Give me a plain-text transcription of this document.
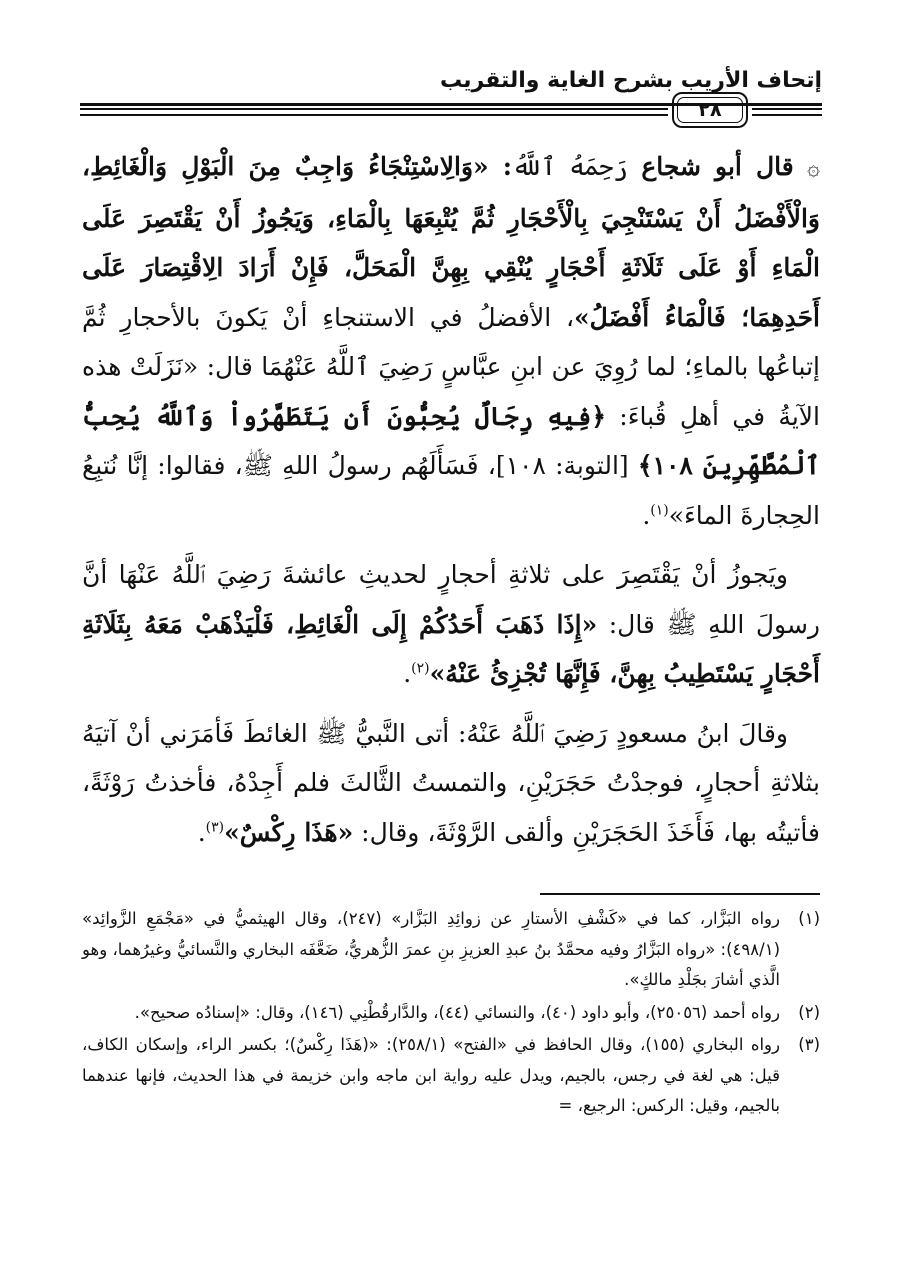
إتحاف الأريب بشرح الغاية والتقريب
٢٨

۞ قال أبو شجاع رَحِمَهُ ٱللَّهُ: «وَالِاسْتِنْجَاءُ وَاجِبٌ مِنَ الْبَوْلِ وَالْغَائِطِ، وَالْأَفْضَلُ أَنْ يَسْتَنْجِيَ بِالْأَحْجَارِ ثُمَّ يُتْبِعَهَا بِالْمَاءِ، وَيَجُوزُ أَنْ يَقْتَصِرَ عَلَى الْمَاءِ أَوْ عَلَى ثَلَاثَةِ أَحْجَارٍ يُنْقِي بِهِنَّ الْمَحَلَّ، فَإِنْ أَرَادَ الِاقْتِصَارَ عَلَى أَحَدِهِمَا؛ فَالْمَاءُ أَفْضَلُ»، الأفضلُ في الاستنجاءِ أنْ يَكونَ بالأحجارِ ثُمَّ إتباعُها بالماءِ؛ لما رُوِيَ عن ابنِ عبَّاسٍ رَضِيَ ٱللَّهُ عَنْهُمَا قال: «نَزَلَتْ هذه الآيةُ في أهلِ قُباءَ: ﴿فِيهِ رِجَالٌ يُحِبُّونَ أَن يَتَطَهَّرُواْ وَٱللَّهُ يُحِبُّ ٱلْمُطَّهِّرِينَ ١٠٨﴾ [التوبة: ١٠٨]، فَسَأَلَهُم رسولُ اللهِ ﷺ، فقالوا: إنَّا نُتبِعُ الحِجارةَ الماءَ»$^{(١)}$.

ويَجوزُ أنْ يَقْتَصِرَ على ثلاثةِ أحجارٍ لحديثِ عائشةَ رَضِيَ ٱللَّهُ عَنْهَا أنَّ رسولَ اللهِ ﷺ قال: «إِذَا ذَهَبَ أَحَدُكُمْ إِلَى الْغَائِطِ، فَلْيَذْهَبْ مَعَهُ بِثَلَاثَةِ أَحْجَارٍ يَسْتَطِيبُ بِهِنَّ، فَإِنَّهَا تُجْزِئُ عَنْهُ»$^{(٢)}$.

وقالَ ابنُ مسعودٍ رَضِيَ ٱللَّهُ عَنْهُ: أتى النَّبيُّ ﷺ الغائطَ فَأمَرَني أنْ آتيَهُ بثلاثةِ أحجارٍ، فوجدْتُ حَجَرَيْنِ، والتمستُ الثَّالثَ فلم أَجِدْهُ، فأخذتُ رَوْثَةً، فأتيتُه بها، فَأَخَذَ الحَجَرَيْنِ وألقى الرَّوْثَةَ، وقال: «هَذَا رِكْسٌ»$^{(٣)}$.

(١)
رواه البَزَّار، كما في «كَشْفِ الأستارِ عن زوائِدِ البَزَّار» (٢٤٧)، وقال الهيثميُّ في «مَجْمَعِ الزَّوائِد» (٤٩٨/١): «رواه البَزَّارُ وفيه محمَّدُ بنُ عبدِ العزيزِ بنِ عمرَ الزُّهريُّ، ضَعَّفَه البخاري والنَّسائيُّ وغيرُهما، وهو الَّذي أشارَ بجَلْدِ مالكٍ».
(٢)
رواه أحمد (٢٥٠٥٦)، وأبو داود (٤٠)، والنسائي (٤٤)، والدَّارقُطْنِي (١٤٦)، وقال: «إسنادُه صحيح».
(٣)
رواه البخاري (١٥٥)، وقال الحافظ في «الفتح» (٢٥٨/١): «(هَذَا رِكْسٌ)؛ بكسر الراء، وإسكان الكاف، قيل: هي لغة في رجس، بالجيم، ويدل عليه رواية ابن ماجه وابن خزيمة في هذا الحديث، فإنها عندهما بالجيم، وقيل: الركس: الرجيع، =
